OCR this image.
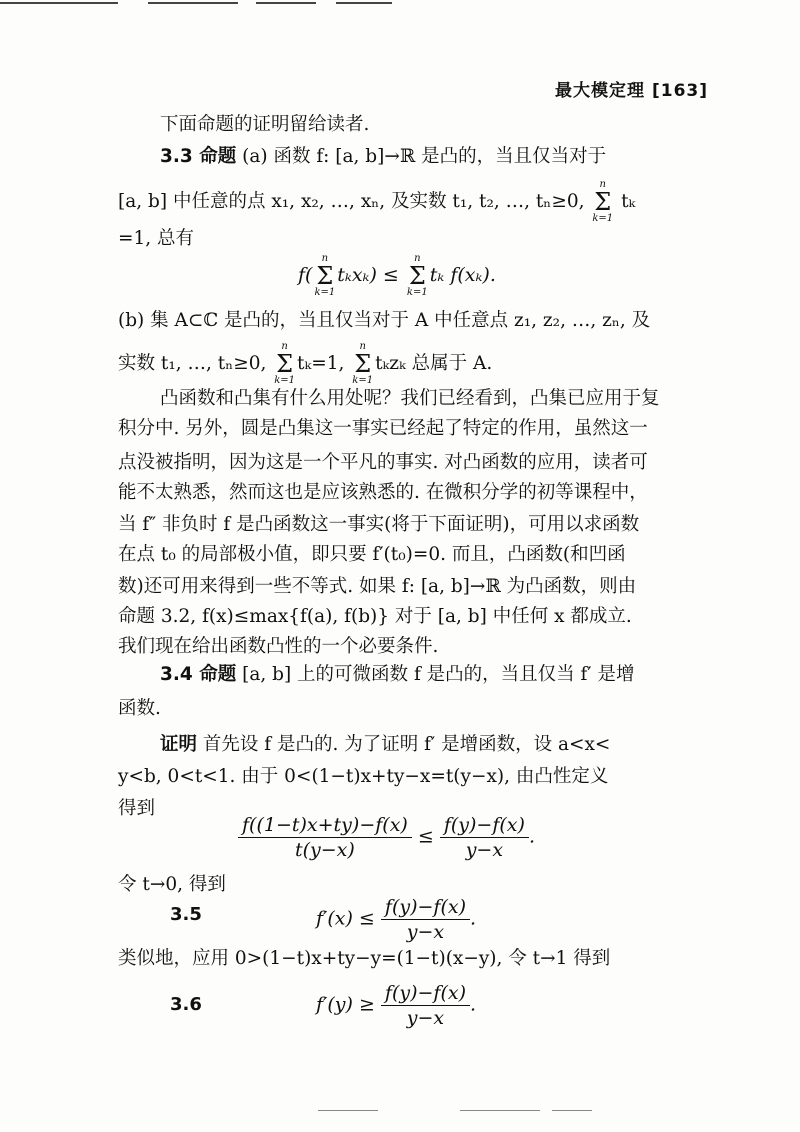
最大模定理 [163]
下面命题的证明留给读者.
3.3 命题 (a) 函数 f: [a, b]→ℝ 是凸的，当且仅当对于
[a, b] 中任意的点 x₁, x₂, …, xₙ, 及实数 t₁, t₂, …, tₙ≥0,
n
Σ
k=1
tₖ
=1, 总有
f(
n
Σ
k=1
tₖxₖ) ≤
n
Σ
k=1
tₖ f(xₖ).
(b) 集 A⊂ℂ 是凸的，当且仅当对于 A 中任意点 z₁, z₂, …, zₙ, 及
实数 t₁, …, tₙ≥0,
n
Σ
k=1
tₖ=1,
n
Σ
k=1
tₖzₖ 总属于 A.
凸函数和凸集有什么用处呢？我们已经看到，凸集已应用于复
积分中. 另外，圆是凸集这一事实已经起了特定的作用，虽然这一
点没被指明，因为这是一个平凡的事实. 对凸函数的应用，读者可
能不太熟悉，然而这也是应该熟悉的. 在微积分学的初等课程中，
当 f″ 非负时 f 是凸函数这一事实(将于下面证明)，可用以求函数
在点 t₀ 的局部极小值，即只要 f′(t₀)=0. 而且，凸函数(和凹函
数)还可用来得到一些不等式. 如果 f: [a, b]→ℝ 为凸函数，则由
命题 3.2, f(x)≤max{f(a), f(b)} 对于 [a, b] 中任何 x 都成立.
我们现在给出函数凸性的一个必要条件.
3.4 命题 [a, b] 上的可微函数 f 是凸的，当且仅当 f′ 是增
函数.
证明 首先设 f 是凸的. 为了证明 f′ 是增函数，设 a<x<
y<b, 0<t<1. 由于 0<(1−t)x+ty−x=t(y−x), 由凸性定义
得到
$\frac{f((1-t)x+ty)-f(x)}{t(y-x)} \le \frac{f(y)-f(x)}{y-x}$ .
令 t→0, 得到
3.5	$f'(x) \le \frac{f(y)-f(x)}{y-x}$ .
类似地，应用 0>(1−t)x+ty−y=(1−t)(x−y), 令 t→1 得到
3.6	$f'(y) \ge \frac{f(y)-f(x)}{y-x}$ .
